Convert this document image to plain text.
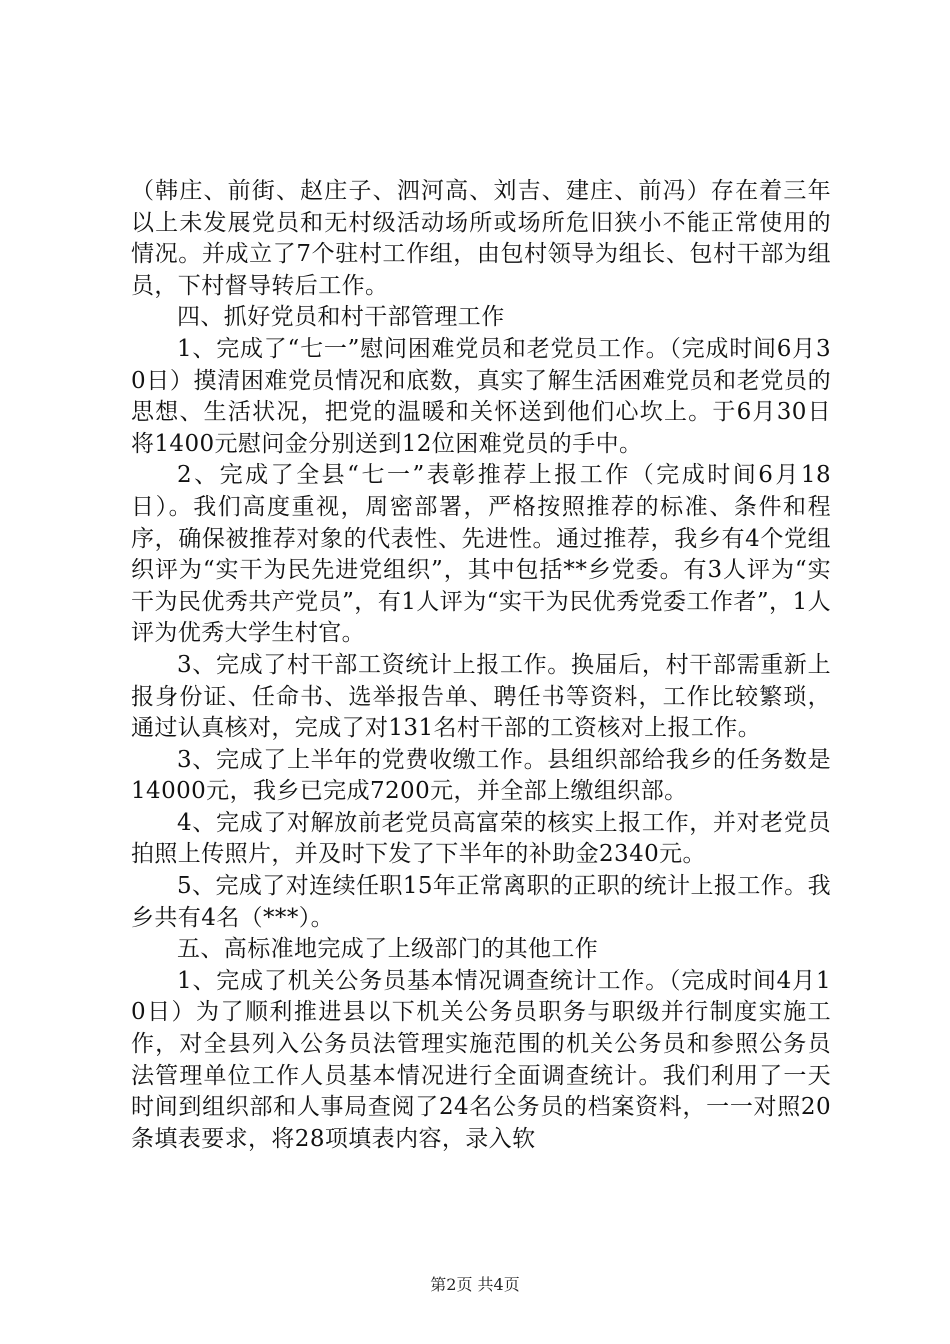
（韩庄、前街、赵庄子、泗河高、刘吉、建庄、前冯）存在着三年以上未发展党员和无村级活动场所或场所危旧狭小不能正常使用的情况。并成立了7个驻村工作组，由包村领导为组长、包村干部为组员，下村督导转后工作。

四、抓好党员和村干部管理工作

1、完成了“七一”慰问困难党员和老党员工作。（完成时间6月30日）摸清困难党员情况和底数，真实了解生活困难党员和老党员的思想、生活状况，把党的温暖和关怀送到他们心坎上。于6月30日将1400元慰问金分别送到12位困难党员的手中。

2、完成了全县“七一”表彰推荐上报工作（完成时间6月18日）。我们高度重视，周密部署，严格按照推荐的标准、条件和程序，确保被推荐对象的代表性、先进性。通过推荐，我乡有4个党组织评为“实干为民先进党组织”，其中包括**乡党委。有3人评为“实干为民优秀共产党员”，有1人评为“实干为民优秀党委工作者”，1人评为优秀大学生村官。

3、完成了村干部工资统计上报工作。换届后，村干部需重新上报身份证、任命书、选举报告单、聘任书等资料，工作比较繁琐，通过认真核对，完成了对131名村干部的工资核对上报工作。

3、完成了上半年的党费收缴工作。县组织部给我乡的任务数是14000元，我乡已完成7200元，并全部上缴组织部。

4、完成了对解放前老党员高富荣的核实上报工作，并对老党员拍照上传照片，并及时下发了下半年的补助金2340元。

5、完成了对连续任职15年正常离职的正职的统计上报工作。我乡共有4名（***）。

五、高标准地完成了上级部门的其他工作

1、完成了机关公务员基本情况调查统计工作。（完成时间4月10日）为了顺利推进县以下机关公务员职务与职级并行制度实施工作，对全县列入公务员法管理实施范围的机关公务员和参照公务员法管理单位工作人员基本情况进行全面调查统计。我们利用了一天时间到组织部和人事局查阅了24名公务员的档案资料，一一对照20条填表要求，将28项填表内容，录入软

第2页 共4页
